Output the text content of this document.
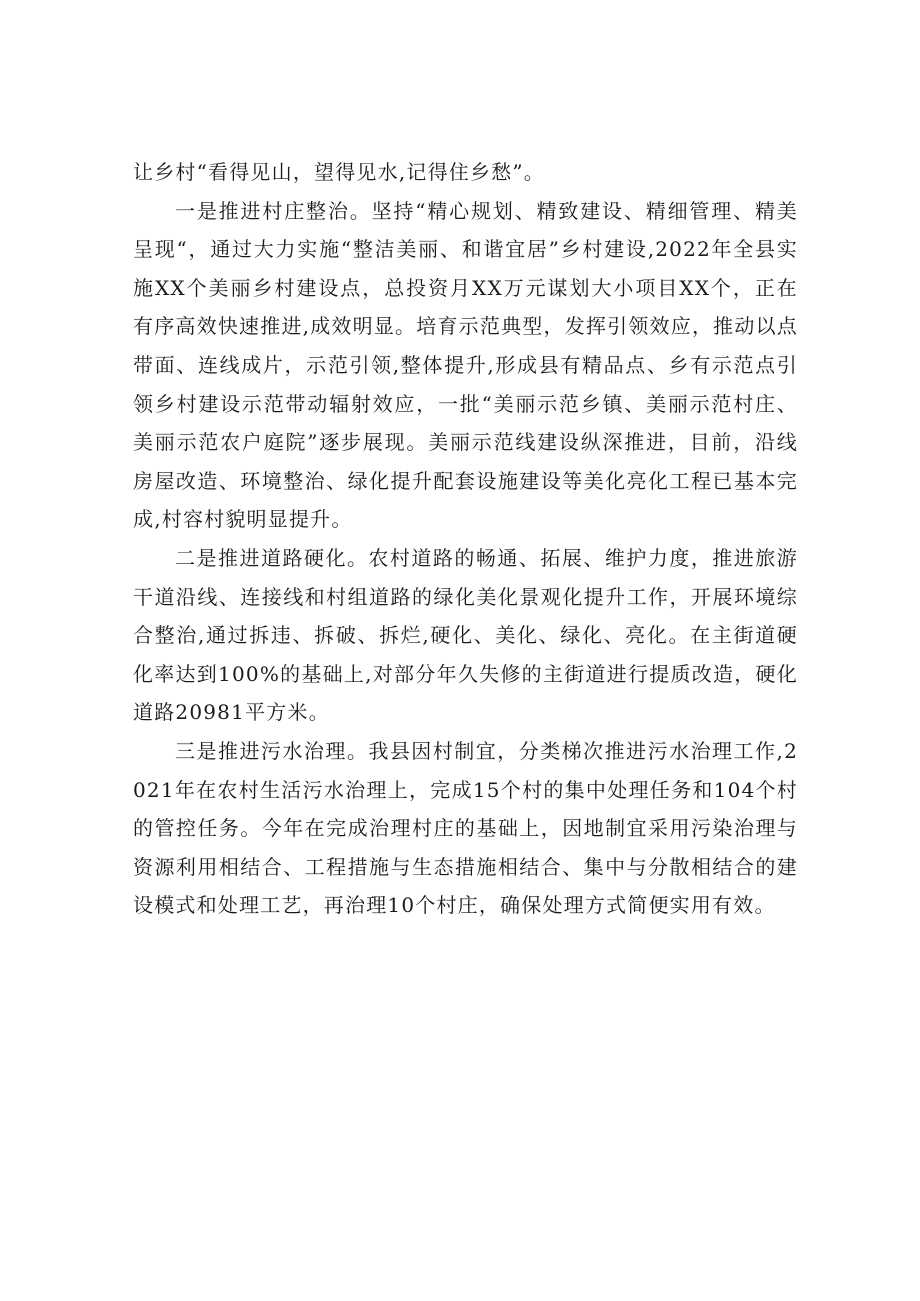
让乡村“看得见山，望得见水,记得住乡愁”。

一是推进村庄整治。坚持“精心规划、精致建设、精细管理、精美呈现“，通过大力实施“整洁美丽、和谐宜居”乡村建设,2022年全县实施XX个美丽乡村建设点，总投资月XX万元谋划大小项目XX个，正在有序高效快速推进,成效明显。培育示范典型，发挥引领效应，推动以点带面、连线成片，示范引领,整体提升,形成县有精品点、乡有示范点引领乡村建设示范带动辐射效应，一批“美丽示范乡镇、美丽示范村庄、美丽示范农户庭院”逐步展现。美丽示范线建设纵深推进，目前，沿线房屋改造、环境整治、绿化提升配套设施建设等美化亮化工程已基本完成,村容村貌明显提升。

二是推进道路硬化。农村道路的畅通、拓展、维护力度，推进旅游干道沿线、连接线和村组道路的绿化美化景观化提升工作，开展环境综合整治,通过拆违、拆破、拆烂,硬化、美化、绿化、亮化。在主街道硬化率达到100%的基础上,对部分年久失修的主街道进行提质改造，硬化道路20981平方米。

三是推进污水治理。我县因村制宜，分类梯次推进污水治理工作,2021年在农村生活污水治理上，完成15个村的集中处理任务和104个村的管控任务。今年在完成治理村庄的基础上，因地制宜采用污染治理与资源利用相结合、工程措施与生态措施相结合、集中与分散相结合的建设模式和处理工艺，再治理10个村庄，确保处理方式简便实用有效。
